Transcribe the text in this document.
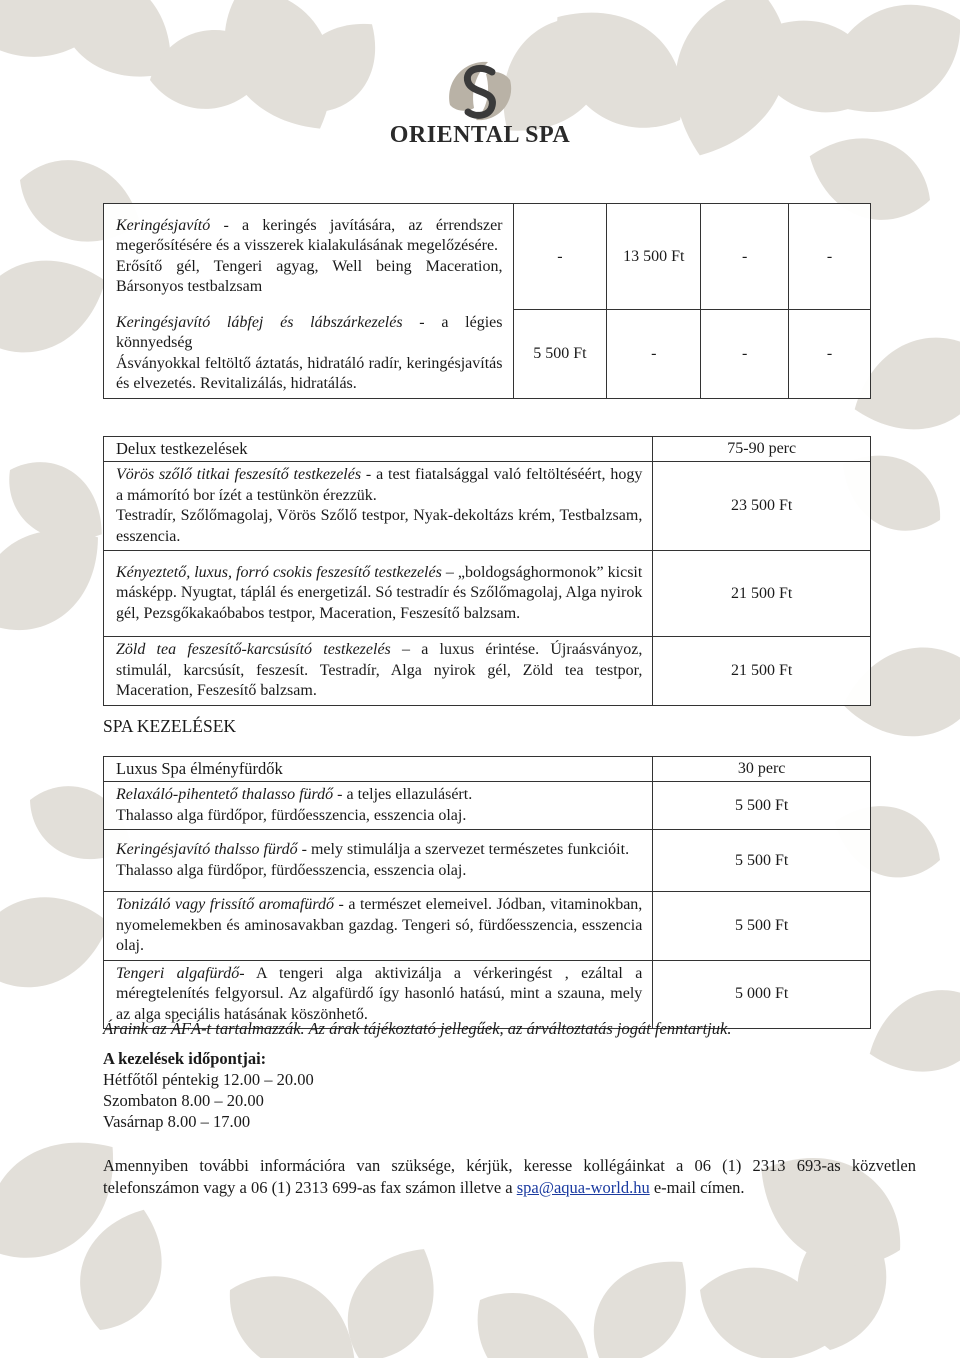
ORIENTAL SPA
Keringésjavító - a keringés javítására, az érrendszer megerősítésére és a visszerek kialakulásának megelőzésére.
Erősítő gél, Tengeri agyag, Well being Maceration, Bársonyos testbalzsam	-	13 500 Ft	-	-
Keringésjavító lábfej és lábszárkezelés - a légies könnyedség
Ásványokkal feltöltő áztatás, hidratáló radír, keringésjavítás és elvezetés. Revitalizálás, hidratálás.	5 500 Ft	-	-	-
Delux testkezelések	75-90 perc
Vörös szőlő titkai feszesítő testkezelés - a test fiatalsággal való feltöltéséért, hogy a mámorító bor ízét a testünkön érezzük.
Testradír, Szőlőmagolaj, Vörös Szőlő testpor, Nyak-dekoltázs krém, Testbalzsam, esszencia.	23 500 Ft
Kényeztető, luxus, forró csokis feszesítő testkezelés – „boldogsághormonok” kicsit másképp. Nyugtat, táplál és energetizál. Só testradír és Szőlőmagolaj, Alga nyirok gél, Pezsgőkakaóbabos testpor, Maceration, Feszesítő balzsam.	21 500 Ft
Zöld tea feszesítő-karcsúsító testkezelés – a luxus érintése. Újraásványoz, stimulál, karcsúsít, feszesít. Testradír, Alga nyirok gél, Zöld tea testpor, Maceration, Feszesítő balzsam.	21 500 Ft
SPA KEZELÉSEK
Luxus Spa élményfürdők	30 perc
Relaxáló-pihentető thalasso fürdő - a teljes ellazulásért.
Thalasso alga fürdőpor, fürdőesszencia, esszencia olaj.	5 500 Ft
Keringésjavító thalsso fürdő - mely stimulálja a szervezet természetes funkcióit.
Thalasso alga fürdőpor, fürdőesszencia, esszencia olaj.	5 500 Ft
Tonizáló vagy frissítő aromafürdő - a természet elemeivel. Jódban, vitaminokban, nyomelemekben és aminosavakban gazdag. Tengeri só, fürdőesszencia, esszencia olaj.	5 500 Ft
Tengeri algafürdő- A tengeri alga aktivizálja a vérkeringést , ezáltal a méregtelenítés felgyorsul. Az algafürdő így hasonló hatású, mint a szauna, mely az alga speciális hatásának köszönhető.	5 000 Ft
Áraink az ÁFÁ-t tartalmazzák. Az árak tájékoztató jellegűek, az árváltoztatás jogát fenntartjuk.
A kezelések időpontjai:
Hétfőtől péntekig 12.00 – 20.00
Szombaton 8.00 – 20.00
Vasárnap 8.00 – 17.00
Amennyiben további információra van szüksége, kérjük, keresse kollégáinkat a 06 (1) 2313 693-as közvetlen telefonszámon vagy a 06 (1) 2313 699-as fax számon illetve a spa@aqua-world.hu e-mail címen.
